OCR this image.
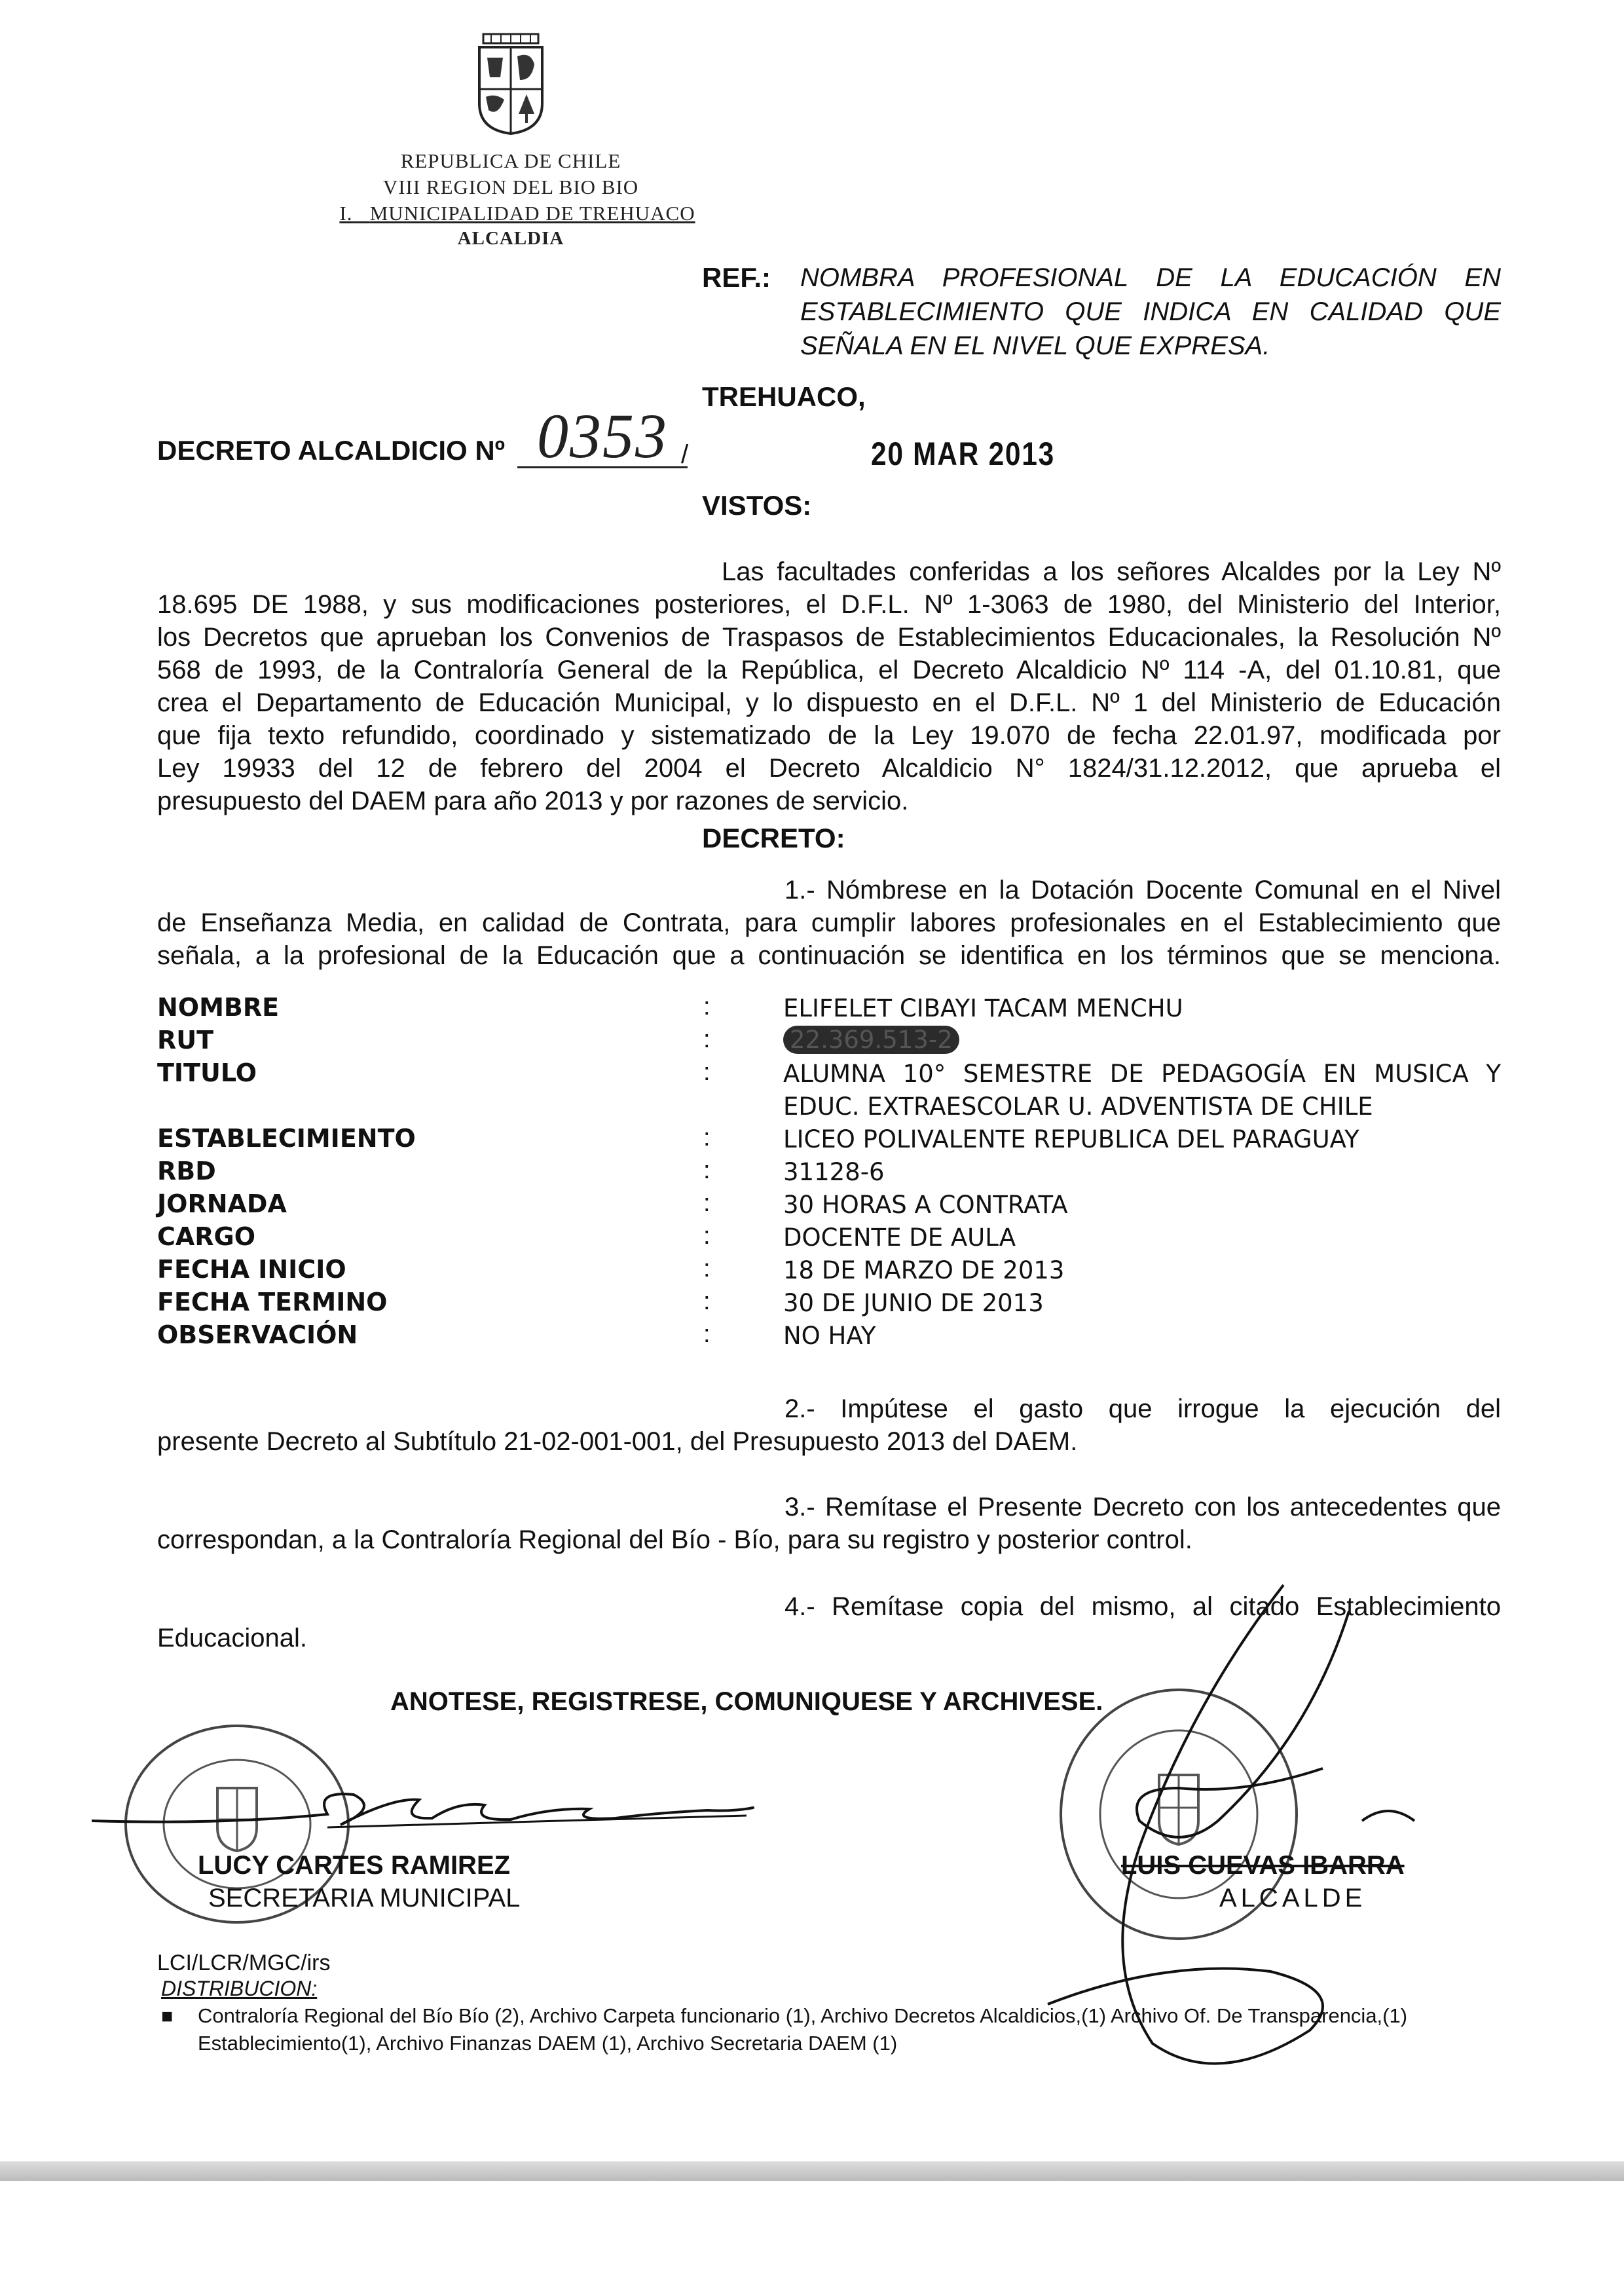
REPUBLICA DE CHILE
VIII REGION DEL BIO BIO
I. MUNICIPALIDAD DE TREHUACO
ALCALDIA
REF.: NOMBRA PROFESIONAL DE LA EDUCACIÓN EN
ESTABLECIMIENTO QUE INDICA EN CALIDAD QUE
SEÑALA EN EL NIVEL QUE EXPRESA.
TREHUACO,
DECRETO ALCALDICIO Nº	/
0353	20 MAR 2013
VISTOS:
Las facultades conferidas a los señores Alcaldes por la Ley Nº
18.695 DE 1988, y sus modificaciones posteriores, el D.F.L. Nº 1-3063 de 1980, del Ministerio del Interior,
los Decretos que aprueban los Convenios de Traspasos de Establecimientos Educacionales, la Resolución Nº
568 de 1993, de la Contraloría General de la República, el Decreto Alcaldicio Nº 114 -A, del 01.10.81, que
crea el Departamento de Educación Municipal, y lo dispuesto en el D.F.L. Nº 1 del Ministerio de Educación
que fija texto refundido, coordinado y sistematizado de la Ley 19.070 de fecha 22.01.97, modificada por
Ley 19933 del 12 de febrero del 2004 el Decreto Alcaldicio N° 1824/31.12.2012, que aprueba el
presupuesto del DAEM para año 2013 y por razones de servicio.
DECRETO:
1.- Nómbrese en la Dotación Docente Comunal en el Nivel
de Enseñanza Media, en calidad de Contrata, para cumplir labores profesionales en el Establecimiento que
señala, a la profesional de la Educación que a continuación se identifica en los términos que se menciona.
NOMBRE	:	ELIFELET CIBAYI TACAM MENCHU
RUT	:	22.369.513-2
TITULO	:	ALUMNA 10° SEMESTRE DE PEDAGOGÍA EN MUSICA Y
EDUC. EXTRAESCOLAR U. ADVENTISTA DE CHILE
ESTABLECIMIENTO	:	LICEO POLIVALENTE REPUBLICA DEL PARAGUAY
RBD	:	31128-6
JORNADA	:	30 HORAS A CONTRATA
CARGO	:	DOCENTE DE AULA
FECHA INICIO	:	18 DE MARZO DE 2013
FECHA TERMINO	:	30 DE JUNIO DE 2013
OBSERVACIÓN	:	NO HAY
2.- Impútese el gasto que irrogue la ejecución del
presente Decreto al Subtítulo 21-02-001-001, del Presupuesto 2013 del DAEM.
3.- Remítase el Presente Decreto con los antecedentes que
correspondan, a la Contraloría Regional del Bío - Bío, para su registro y posterior control.
4.- Remítase copia del mismo, al citado Establecimiento
Educacional.
ANOTESE, REGISTRESE, COMUNIQUESE Y ARCHIVESE.
LUCY CARTES RAMIREZ
SECRETARIA MUNICIPAL
LUIS CUEVAS IBARRA
ALCALDE
LCI/LCR/MGC/irs
DISTRIBUCION:
■ Contraloría Regional del Bío Bío (2), Archivo Carpeta funcionario (1), Archivo Decretos Alcaldicios,(1) Archivo Of. De Transparencia,(1)
Establecimiento(1), Archivo Finanzas DAEM (1), Archivo Secretaria DAEM (1)
